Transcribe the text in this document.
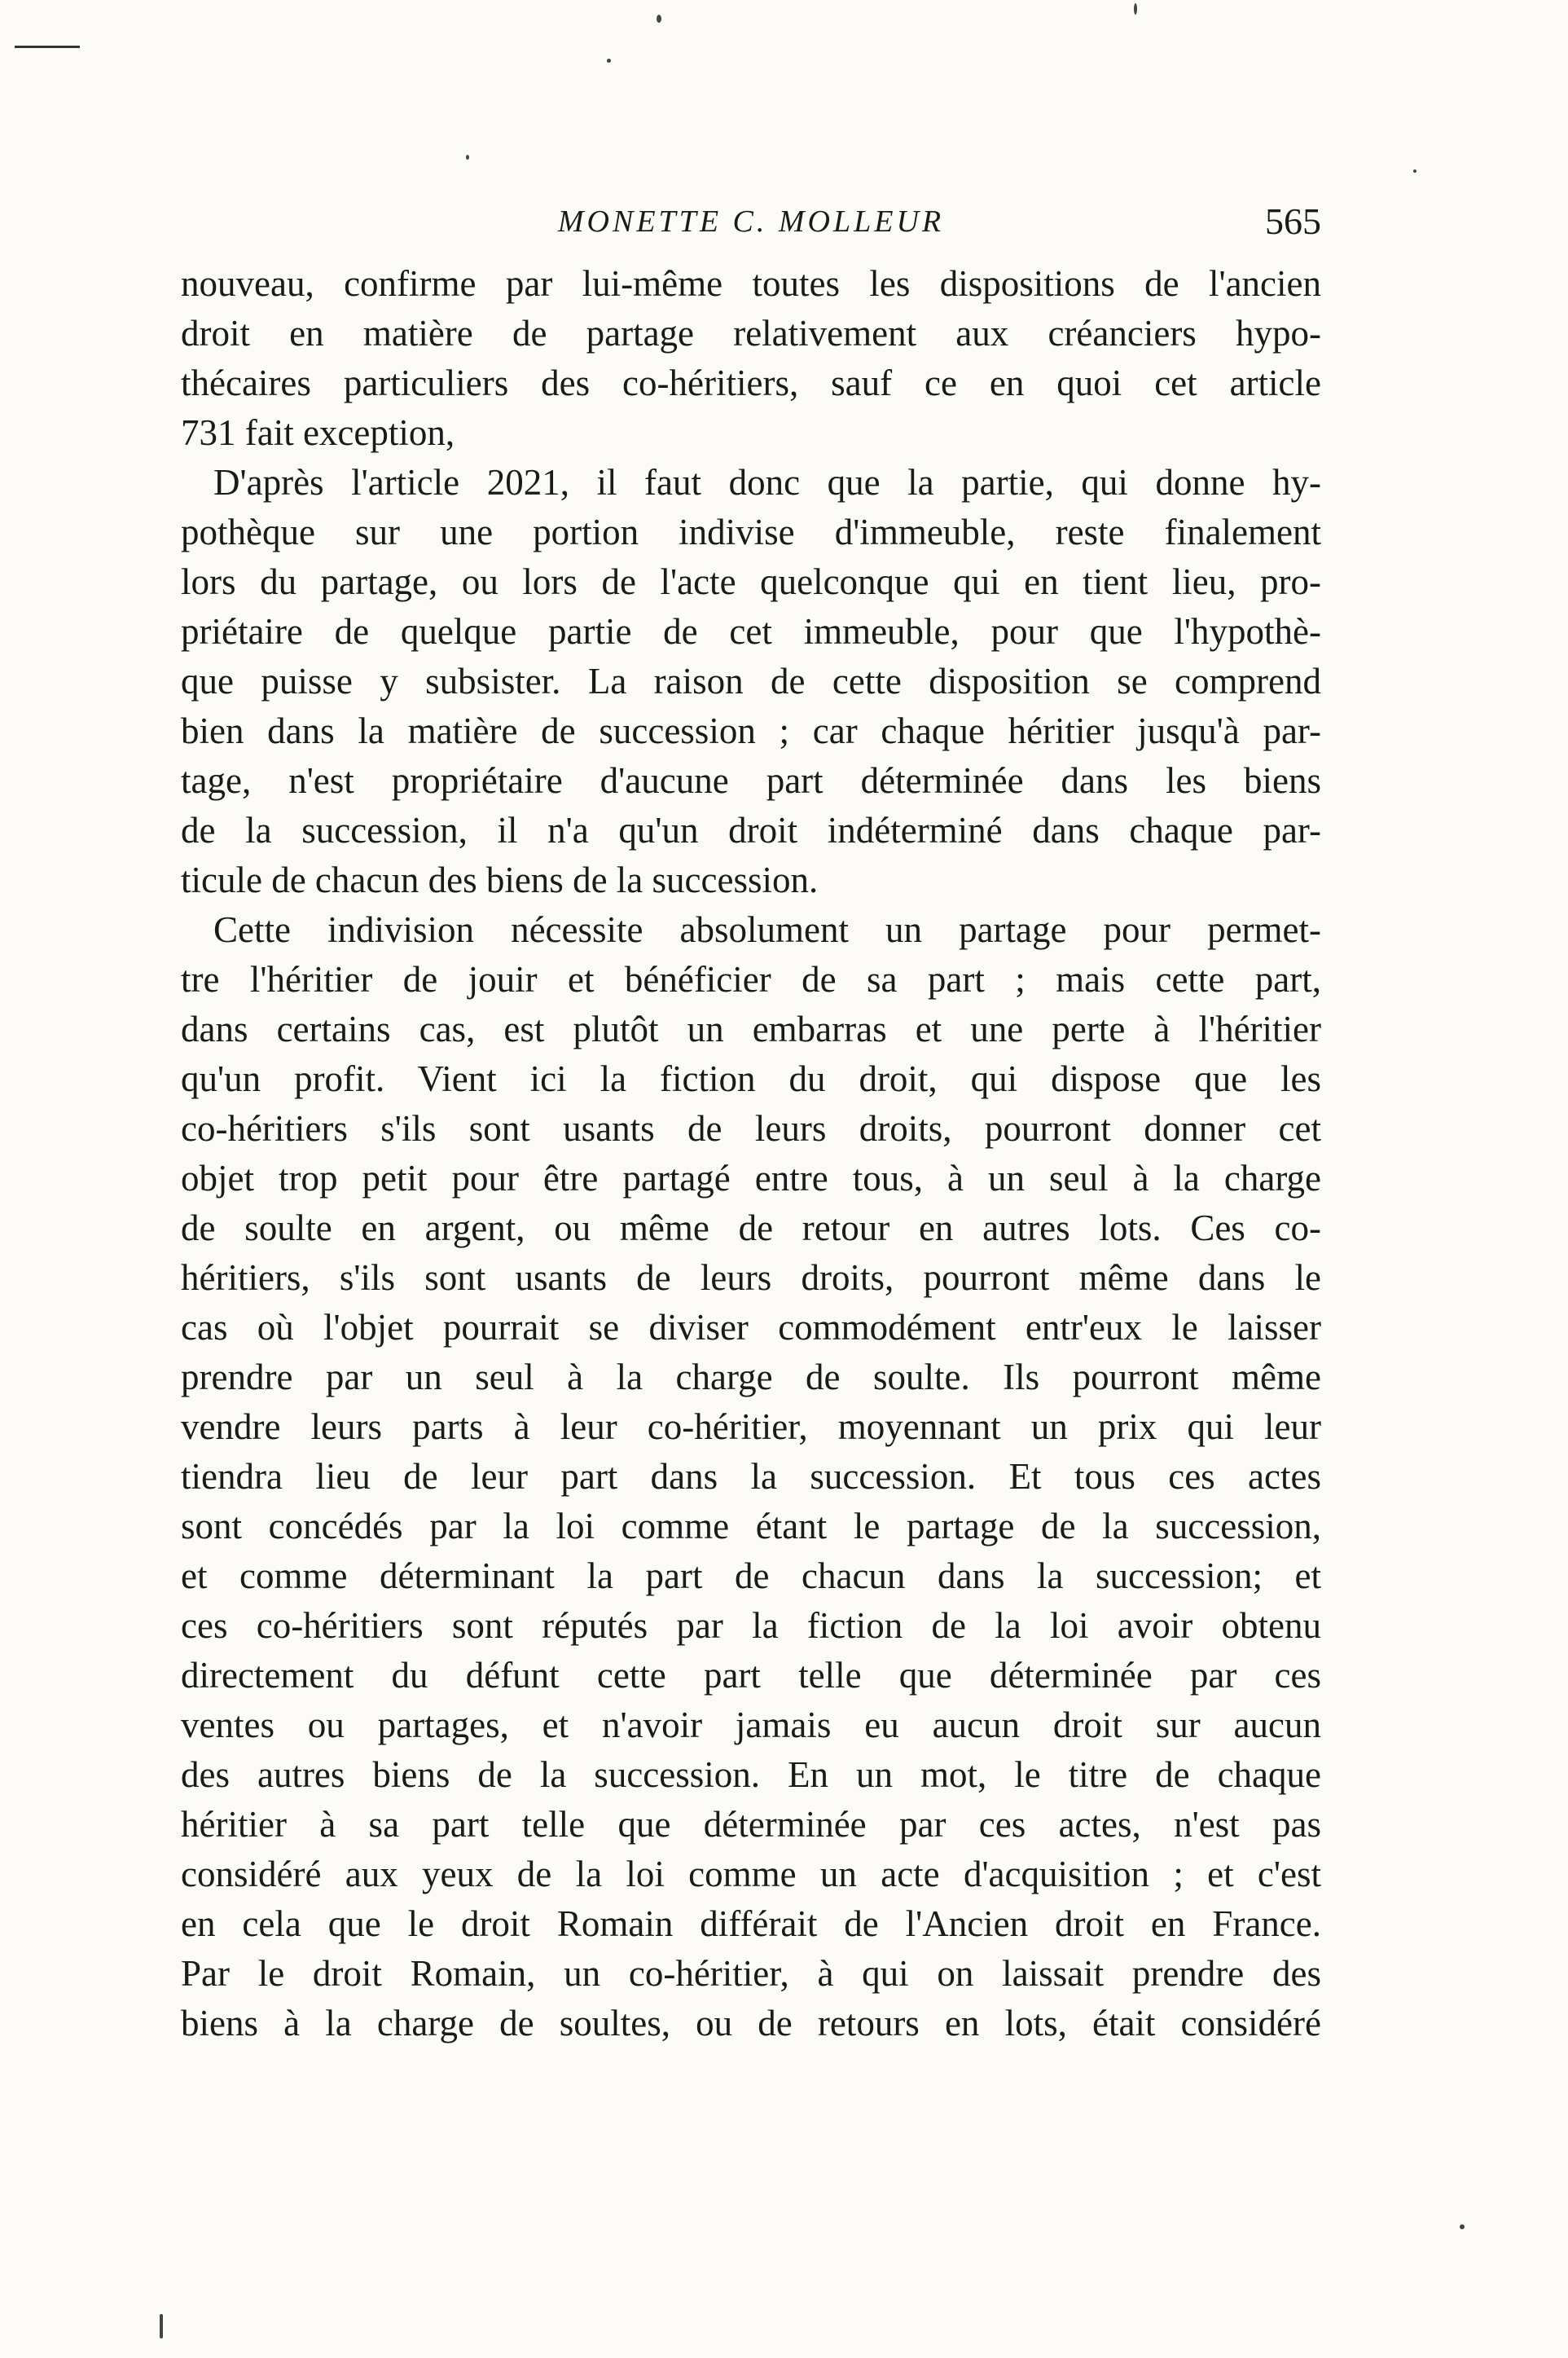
MONETTE C. MOLLEUR	565
nouveau, confirme par lui-même toutes les dispositions de l'ancien
droit en matière de partage relativement aux créanciers hypo-
thécaires particuliers des co-héritiers, sauf ce en quoi cet article
731 fait exception,
D'après l'article 2021, il faut donc que la partie, qui donne hy-
pothèque sur une portion indivise d'immeuble, reste finalement
lors du partage, ou lors de l'acte quelconque qui en tient lieu, pro-
priétaire de quelque partie de cet immeuble, pour que l'hypothè-
que puisse y subsister. La raison de cette disposition se comprend
bien dans la matière de succession ; car chaque héritier jusqu'à par-
tage, n'est propriétaire d'aucune part déterminée dans les biens
de la succession, il n'a qu'un droit indéterminé dans chaque par-
ticule de chacun des biens de la succession.
Cette indivision nécessite absolument un partage pour permet-
tre l'héritier de jouir et bénéficier de sa part ; mais cette part,
dans certains cas, est plutôt un embarras et une perte à l'héritier
qu'un profit. Vient ici la fiction du droit, qui dispose que les
co-héritiers s'ils sont usants de leurs droits, pourront donner cet
objet trop petit pour être partagé entre tous, à un seul à la charge
de soulte en argent, ou même de retour en autres lots. Ces co-
héritiers, s'ils sont usants de leurs droits, pourront même dans le
cas où l'objet pourrait se diviser commodément entr'eux le laisser
prendre par un seul à la charge de soulte. Ils pourront même
vendre leurs parts à leur co-héritier, moyennant un prix qui leur
tiendra lieu de leur part dans la succession. Et tous ces actes
sont concédés par la loi comme étant le partage de la succession,
et comme déterminant la part de chacun dans la succession; et
ces co-héritiers sont réputés par la fiction de la loi avoir obtenu
directement du défunt cette part telle que déterminée par ces
ventes ou partages, et n'avoir jamais eu aucun droit sur aucun
des autres biens de la succession. En un mot, le titre de chaque
héritier à sa part telle que déterminée par ces actes, n'est pas
considéré aux yeux de la loi comme un acte d'acquisition ; et c'est
en cela que le droit Romain différait de l'Ancien droit en France.
Par le droit Romain, un co-héritier, à qui on laissait prendre des
biens à la charge de soultes, ou de retours en lots, était considéré
